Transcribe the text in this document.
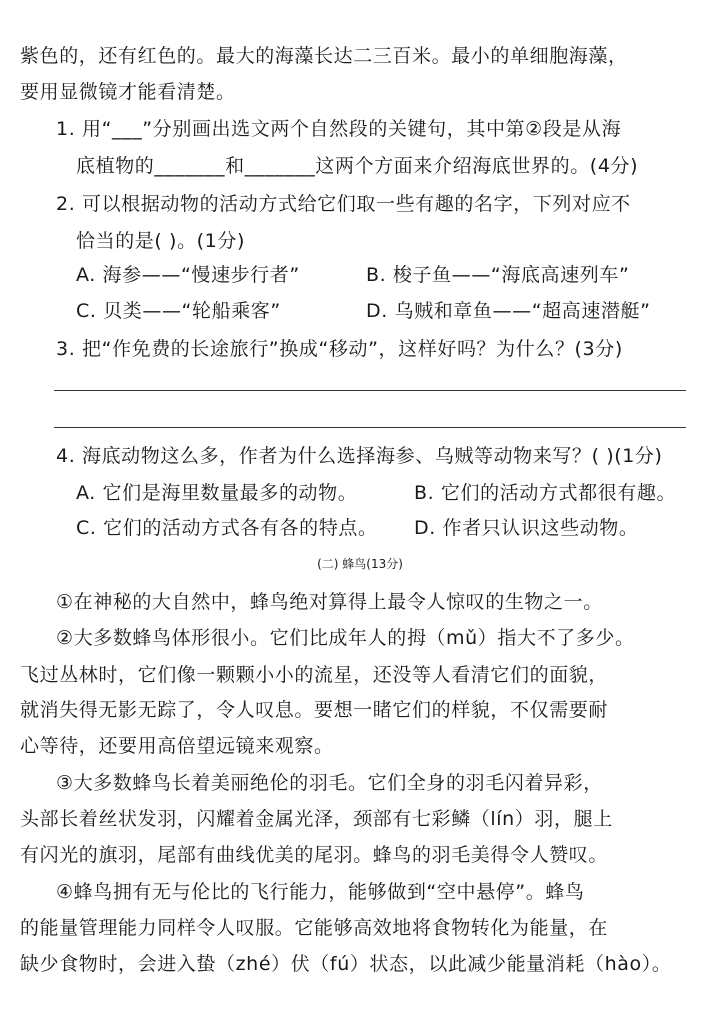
紫色的，还有红色的。最大的海藻长达二三百米。最小的单细胞海藻，
要用显微镜才能看清楚。
1. 用“___”分别画出选文两个自然段的关键句，其中第②段是从海
底植物的_______和_______这两个方面来介绍海底世界的。(4分)
2. 可以根据动物的活动方式给它们取一些有趣的名字，下列对应不
恰当的是( )。(1分)
A. 海参——“慢速步行者”	B. 梭子鱼——“海底高速列车”
C. 贝类——“轮船乘客”	D. 乌贼和章鱼——“超高速潜艇”
3. 把“作免费的长途旅行”换成“移动”，这样好吗？为什么？(3分)
4. 海底动物这么多，作者为什么选择海参、乌贼等动物来写？( )(1分)
A. 它们是海里数量最多的动物。	B. 它们的活动方式都很有趣。
C. 它们的活动方式各有各的特点。 D. 作者只认识这些动物。
(二) 蜂鸟(13分)
①在神秘的大自然中，蜂鸟绝对算得上最令人惊叹的生物之一。
②大多数蜂鸟体形很小。它们比成年人的拇（mǔ）指大不了多少。
飞过丛林时，它们像一颗颗小小的流星，还没等人看清它们的面貌，
就消失得无影无踪了，令人叹息。要想一睹它们的样貌，不仅需要耐
心等待，还要用高倍望远镜来观察。
③大多数蜂鸟长着美丽绝伦的羽毛。它们全身的羽毛闪着异彩，
头部长着丝状发羽，闪耀着金属光泽，颈部有七彩鳞（lín）羽，腿上
有闪光的旗羽，尾部有曲线优美的尾羽。蜂鸟的羽毛美得令人赞叹。
④蜂鸟拥有无与伦比的飞行能力，能够做到“空中悬停”。蜂鸟
的能量管理能力同样令人叹服。它能够高效地将食物转化为能量，在
缺少食物时，会进入蛰（zhé）伏（fú）状态，以此减少能量消耗（hào）。
